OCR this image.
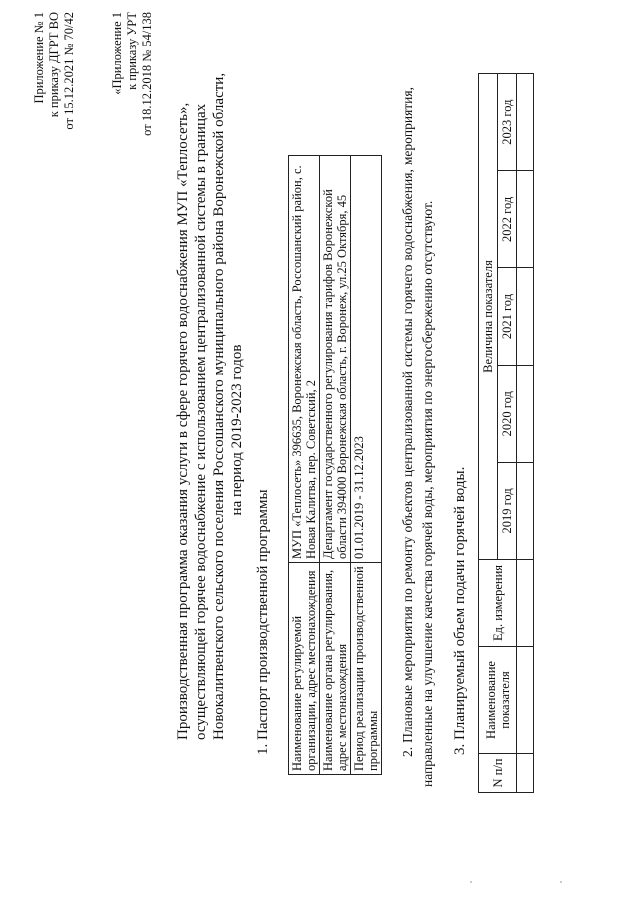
Приложение № 1 к приказу ДГРТ ВО от 15.12.2021 № 70/42	«Приложение 1 к приказу УРТ от 18.12.2018 № 54/138
Производственная программа оказания услуги в сфере горячего водоснабжения МУП «Теплосеть», осуществляющей горячее водоснабжение с использованием централизованной системы в границах Новокалитвенского сельского поселения Россошанского муниципального района Воронежской области, на период 2019-2023 годов
1. Паспорт производственной программы Наименование регулируемой организации, адрес местонахождения	МУП «Теплосеть» 396635, Воронежская область, Россошанский район, с. Новая Калитва, пер. Советский, 2
Наименование органа регулирования, адрес местонахождения	Департамент государственного регулирования тарифов Воронежской области 394000 Воронежская область, г. Воронеж, ул.25 Октября, 45
Период реализации производственной программы	01.01.2019 - 31.12.2023	2. Плановые мероприятия по ремонту объектов централизованной системы горячего водоснабжения, мероприятия, направленные на улучшение качества горячей воды, мероприятия по энергосбережению отсутствуют. 3. Планируемый объем подачи горячей воды.
N п/п	Наименование показателя	Ед. измерения	Величина показателя				
			2019 год	2020 год	2021 год	2022 год	2023 год
